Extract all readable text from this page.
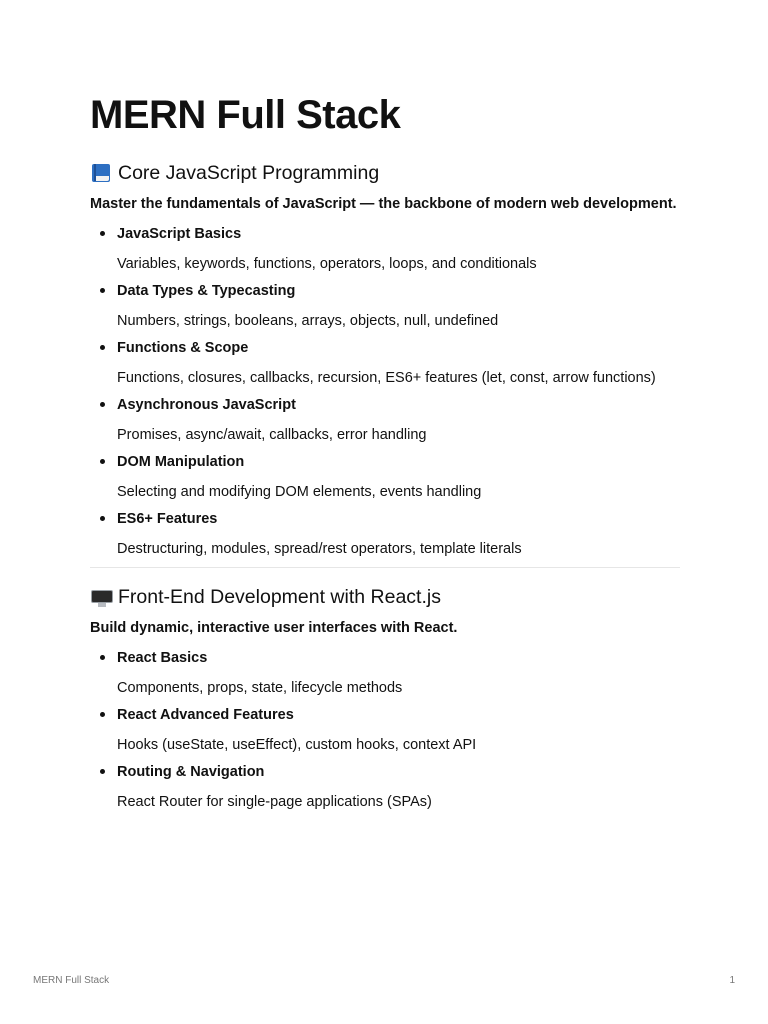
MERN Full Stack
Core JavaScript Programming
Master the fundamentals of JavaScript — the backbone of modern web development.
JavaScript Basics
Variables, keywords, functions, operators, loops, and conditionals
Data Types & Typecasting
Numbers, strings, booleans, arrays, objects, null, undefined
Functions & Scope
Functions, closures, callbacks, recursion, ES6+ features (let, const, arrow functions)
Asynchronous JavaScript
Promises, async/await, callbacks, error handling
DOM Manipulation
Selecting and modifying DOM elements, events handling
ES6+ Features
Destructuring, modules, spread/rest operators, template literals
Front-End Development with React.js
Build dynamic, interactive user interfaces with React.
React Basics
Components, props, state, lifecycle methods
React Advanced Features
Hooks (useState, useEffect), custom hooks, context API
Routing & Navigation
React Router for single-page applications (SPAs)
MERN Full Stack	1
